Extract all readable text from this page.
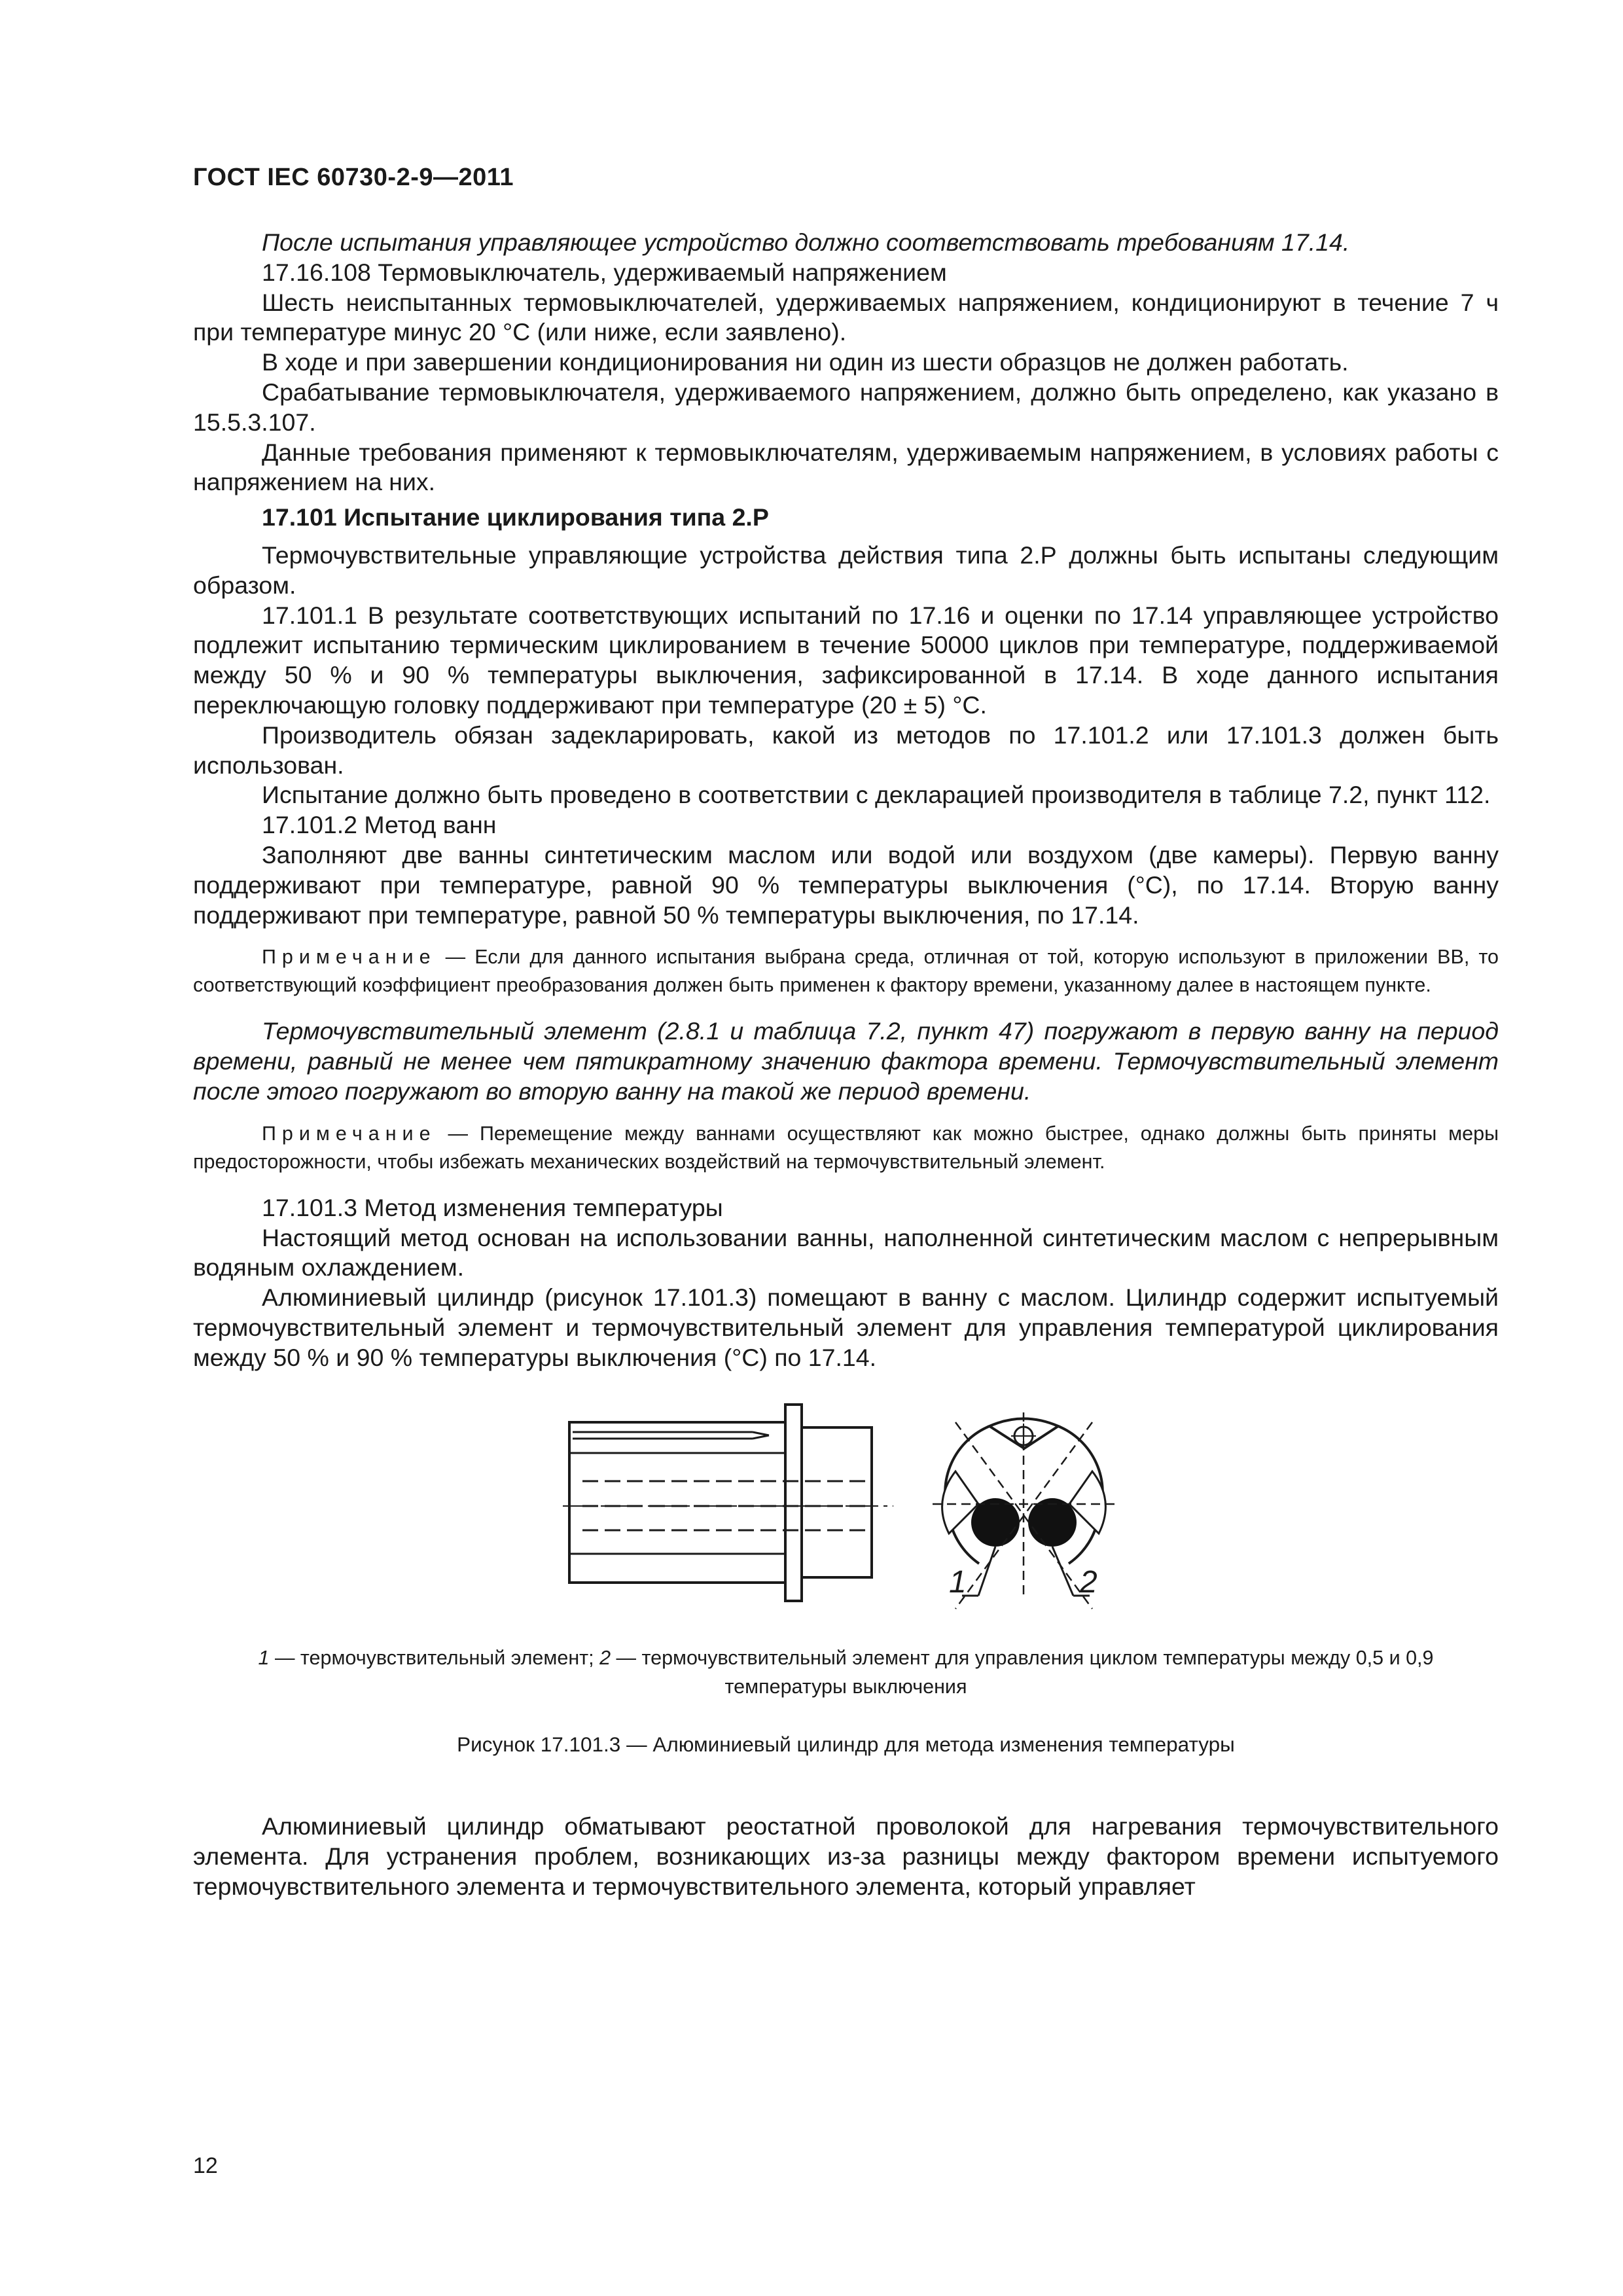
ГОСТ IEC 60730-2-9—2011

После испытания управляющее устройство должно соответствовать требованиям 17.14.

17.16.108 Термовыключатель, удерживаемый напряжением

Шесть неиспытанных термовыключателей, удерживаемых напряжением, кондиционируют в течение 7 ч при температуре минус 20 °С (или ниже, если заявлено).

В ходе и при завершении кондиционирования ни один из шести образцов не должен работать.

Срабатывание термовыключателя, удерживаемого напряжением, должно быть определено, как указано в 15.5.3.107.

Данные требования применяют к термовыключателям, удерживаемым напряжением, в условиях работы с напряжением на них.

17.101 Испытание циклирования типа 2.Р

Термочувствительные управляющие устройства действия типа 2.Р должны быть испытаны следующим образом.

17.101.1 В результате соответствующих испытаний по 17.16 и оценки по 17.14 управляющее устройство подлежит испытанию термическим циклированием в течение 50000 циклов при температуре, поддерживаемой между 50 % и 90 % температуры выключения, зафиксированной в 17.14. В ходе данного испытания переключающую головку поддерживают при температуре (20 ± 5) °С.

Производитель обязан задекларировать, какой из методов по 17.101.2 или 17.101.3 должен быть использован.

Испытание должно быть проведено в соответствии с декларацией производителя в таблице 7.2, пункт 112.

17.101.2 Метод ванн

Заполняют две ванны синтетическим маслом или водой или воздухом (две камеры). Первую ванну поддерживают при температуре, равной 90 % температуры выключения (°С), по 17.14. Вторую ванну поддерживают при температуре, равной 50 % температуры выключения, по 17.14.

Примечание — Если для данного испытания выбрана среда, отличная от той, которую используют в приложении ВВ, то соответствующий коэффициент преобразования должен быть применен к фактору времени, указанному далее в настоящем пункте.

Термочувствительный элемент (2.8.1 и таблица 7.2, пункт 47) погружают в первую ванну на период времени, равный не менее чем пятикратному значению фактора времени. Термочувствительный элемент после этого погружают во вторую ванну на такой же период времени.

Примечание — Перемещение между ваннами осуществляют как можно быстрее, однако должны быть приняты меры предосторожности, чтобы избежать механических воздействий на термочувствительный элемент.

17.101.3 Метод изменения температуры

Настоящий метод основан на использовании ванны, наполненной синтетическим маслом с непрерывным водяным охлаждением.

Алюминиевый цилиндр (рисунок 17.101.3) помещают в ванну с маслом. Цилиндр содержит испытуемый термочувствительный элемент и термочувствительный элемент для управления температурой циклирования между 50 % и 90 % температуры выключения (°С) по 17.14.

1	2
1 — термочувствительный элемент; 2 — термочувствительный элемент для управления циклом температуры между 0,5 и 0,9 температуры выключения
Рисунок 17.101.3 — Алюминиевый цилиндр для метода изменения температуры

Алюминиевый цилиндр обматывают реостатной проволокой для нагревания термочувствительного элемента. Для устранения проблем, возникающих из-за разницы между фактором времени испытуемого термочувствительного элемента и термочувствительного элемента, который управляет

12
